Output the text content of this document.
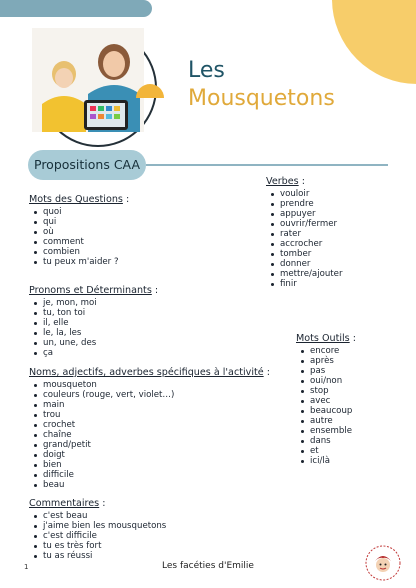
Les
Mousquetons
Propositions CAA
Mots des Questions :
quoi
qui
où
comment
combien
tu peux m'aider ?
Pronoms et Déterminants :
je, mon, moi
tu, ton toi
il, elle
le, la, les
un, une, des
ça
Noms, adjectifs, adverbes spécifiques à l'activité :
mousqueton
couleurs (rouge, vert, violet…)
main
trou
crochet
chaîne
grand/petit
doigt
bien
difficile
beau
Commentaires :
c'est beau
j'aime bien les mousquetons
c'est difficile
tu es très fort
tu as réussi
Verbes :
vouloir
prendre
appuyer
ouvrir/fermer
rater
accrocher
tomber
donner
mettre/ajouter
finir
Mots Outils :
encore
après
pas
oui/non
stop
avec
beaucoup
autre
ensemble
dans
et
ici/là
1	Les facéties d'Emilie
